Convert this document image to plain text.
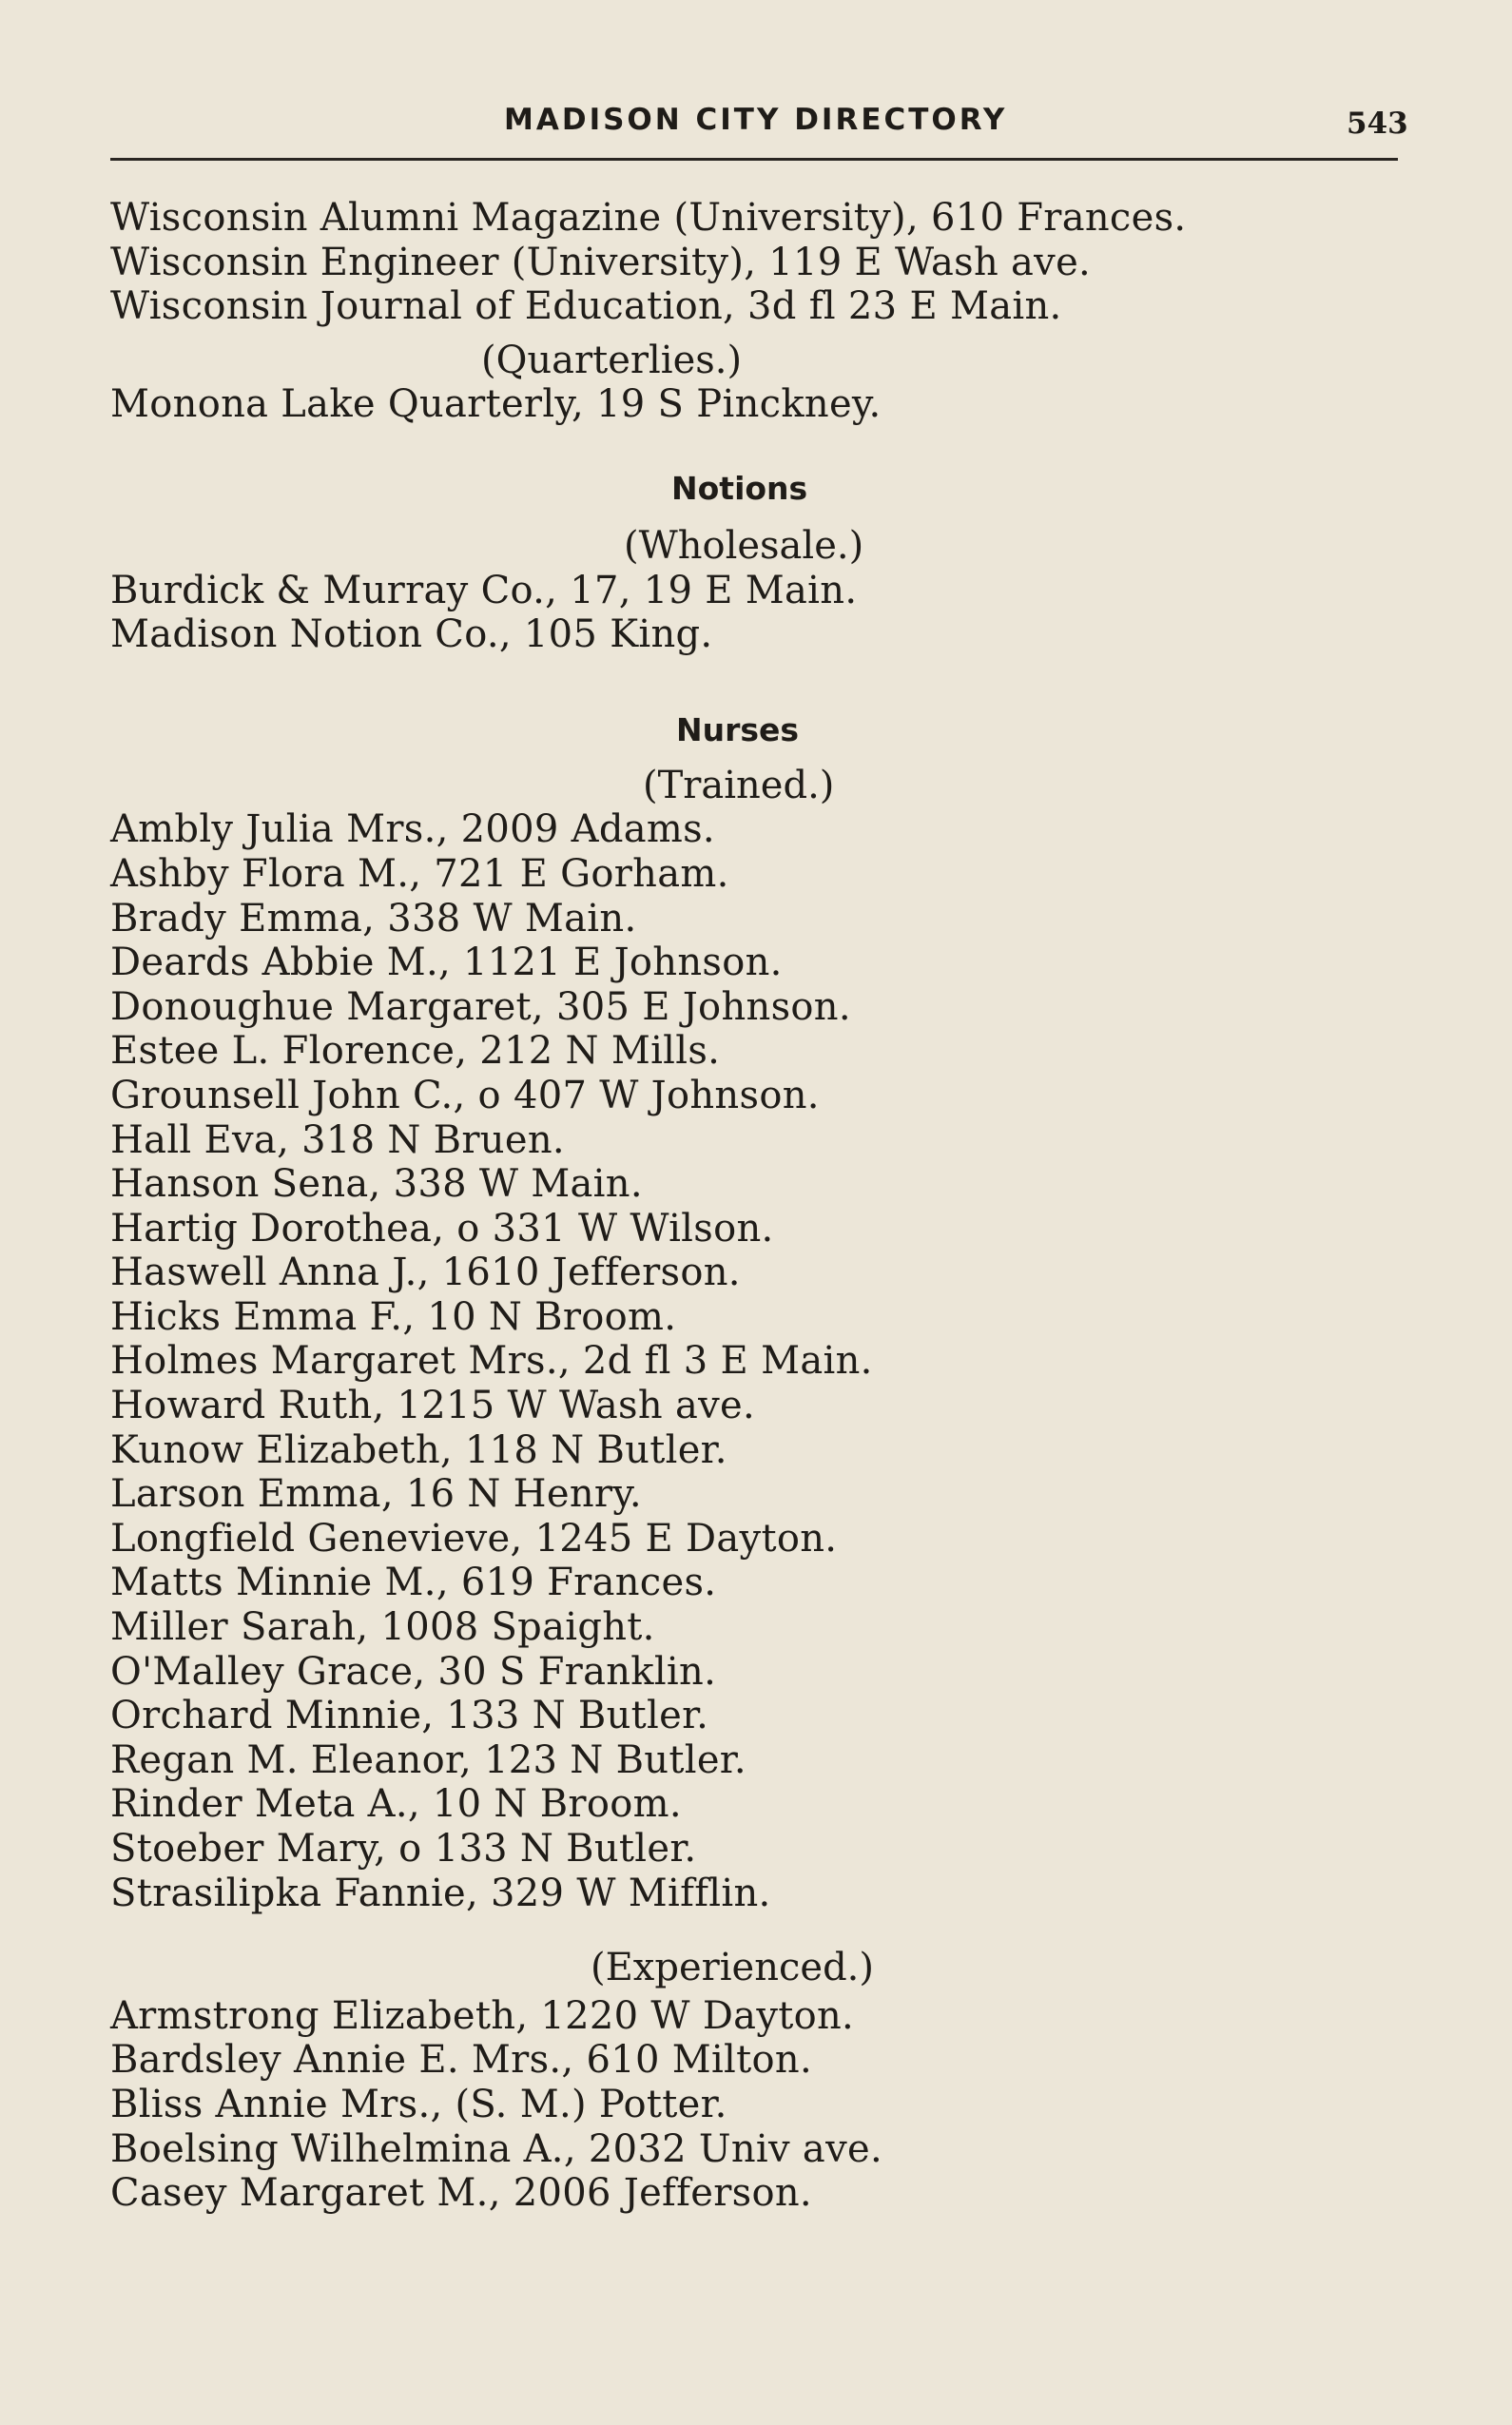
MADISON CITY DIRECTORY	543
Wisconsin Alumni Magazine (University), 610 Frances.
Wisconsin Engineer (University), 119 E Wash ave.
Wisconsin Journal of Education, 3d fl 23 E Main.
(Quarterlies.)
Monona Lake Quarterly, 19 S Pinckney.
Notions
(Wholesale.)
Burdick & Murray Co., 17, 19 E Main.
Madison Notion Co., 105 King.
Nurses
(Trained.)
Ambly Julia Mrs., 2009 Adams.
Ashby Flora M., 721 E Gorham.
Brady Emma, 338 W Main.
Deards Abbie M., 1121 E Johnson.
Donoughue Margaret, 305 E Johnson.
Estee L. Florence, 212 N Mills.
Grounsell John C., o 407 W Johnson.
Hall Eva, 318 N Bruen.
Hanson Sena, 338 W Main.
Hartig Dorothea, o 331 W Wilson.
Haswell Anna J., 1610 Jefferson.
Hicks Emma F., 10 N Broom.
Holmes Margaret Mrs., 2d fl 3 E Main.
Howard Ruth, 1215 W Wash ave.
Kunow Elizabeth, 118 N Butler.
Larson Emma, 16 N Henry.
Longfield Genevieve, 1245 E Dayton.
Matts Minnie M., 619 Frances.
Miller Sarah, 1008 Spaight.
O'Malley Grace, 30 S Franklin.
Orchard Minnie, 133 N Butler.
Regan M. Eleanor, 123 N Butler.
Rinder Meta A., 10 N Broom.
Stoeber Mary, o 133 N Butler.
Strasilipka Fannie, 329 W Mifflin.
(Experienced.)
Armstrong Elizabeth, 1220 W Dayton.
Bardsley Annie E. Mrs., 610 Milton.
Bliss Annie Mrs., (S. M.) Potter.
Boelsing Wilhelmina A., 2032 Univ ave.
Casey Margaret M., 2006 Jefferson.
